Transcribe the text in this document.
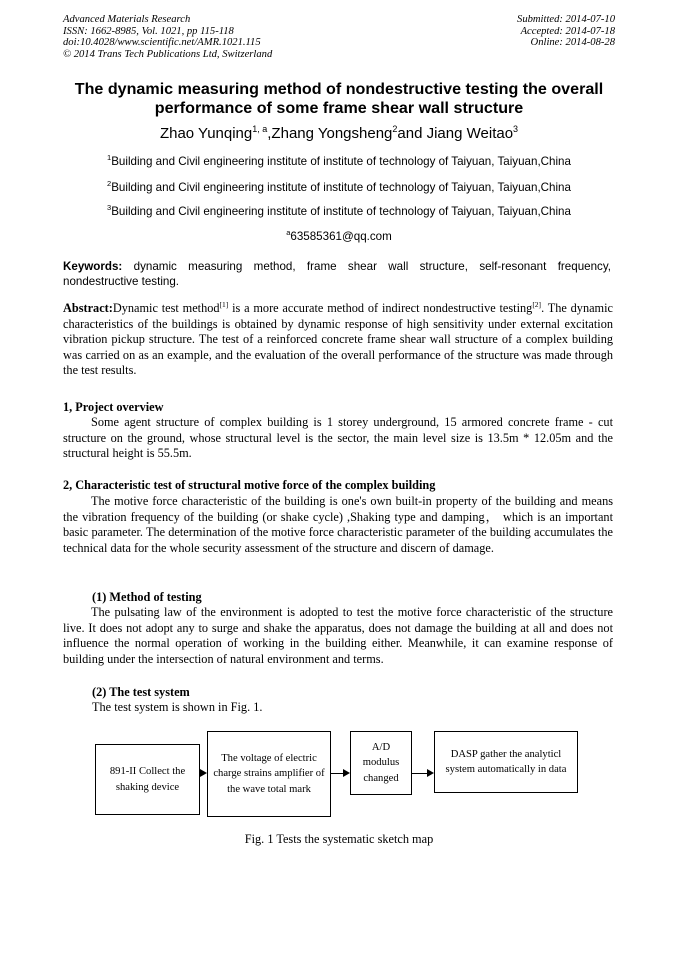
Advanced Materials Research
ISSN: 1662-8985, Vol. 1021, pp 115-118
doi:10.4028/www.scientific.net/AMR.1021.115
© 2014 Trans Tech Publications Ltd, Switzerland
Submitted: 2014-07-10
Accepted: 2014-07-18
Online: 2014-08-28
The dynamic measuring method of nondestructive testing the overall performance of some frame shear wall structure
Zhao Yunqing$^{1, a}$,Zhang Yongsheng$^2$and Jiang Weitao$^3$
$^1$Building and Civil engineering institute of institute of technology of Taiyuan, Taiyuan,China
$^2$Building and Civil engineering institute of institute of technology of Taiyuan, Taiyuan,China
$^3$Building and Civil engineering institute of institute of technology of Taiyuan, Taiyuan,China
$^a$63585361@qq.com
Keywords: dynamic measuring method, frame shear wall structure, self-resonant frequency, nondestructive testing.
Abstract:Dynamic test method[1] is a more accurate method of indirect nondestructive testing[2]. The dynamic characteristics of the buildings is obtained by dynamic response of high sensitivity under external excitation vibration pickup structure. The test of a reinforced concrete frame shear wall structure of a complex building was carried on as an example, and the evaluation of the overall performance of the structure was made through the test results.
1, Project overview
Some agent structure of complex building is 1 storey underground, 15 armored concrete frame - cut structure on the ground, whose structural level is the sector, the main level size is 13.5m * 12.05m and the structural height is 55.5m.
2, Characteristic test of structural motive force of the complex building
The motive force characteristic of the building is one's own built-in property of the building and means the vibration frequency of the building (or shake cycle) ,Shaking type and damping， which is an important basic parameter. The determination of the motive force characteristic parameter of the building accumulates the technical data for the whole security assessment of the structure and discern of damage.
(1) Method of testing
The pulsating law of the environment is adopted to test the motive force characteristic of the structure live. It does not adopt any to surge and shake the apparatus, does not damage the building at all and does not influence the normal operation of working in the building either. Meanwhile, it can examine response of building under the intersection of natural environment and terms.
(2) The test system
The test system is shown in Fig. 1.
891-II Collect the shaking device
The voltage of electric charge strains amplifier of the wave total mark
A/D modulus changed
DASP gather the analyticl system automatically in data
Fig. 1 Tests the systematic sketch map
